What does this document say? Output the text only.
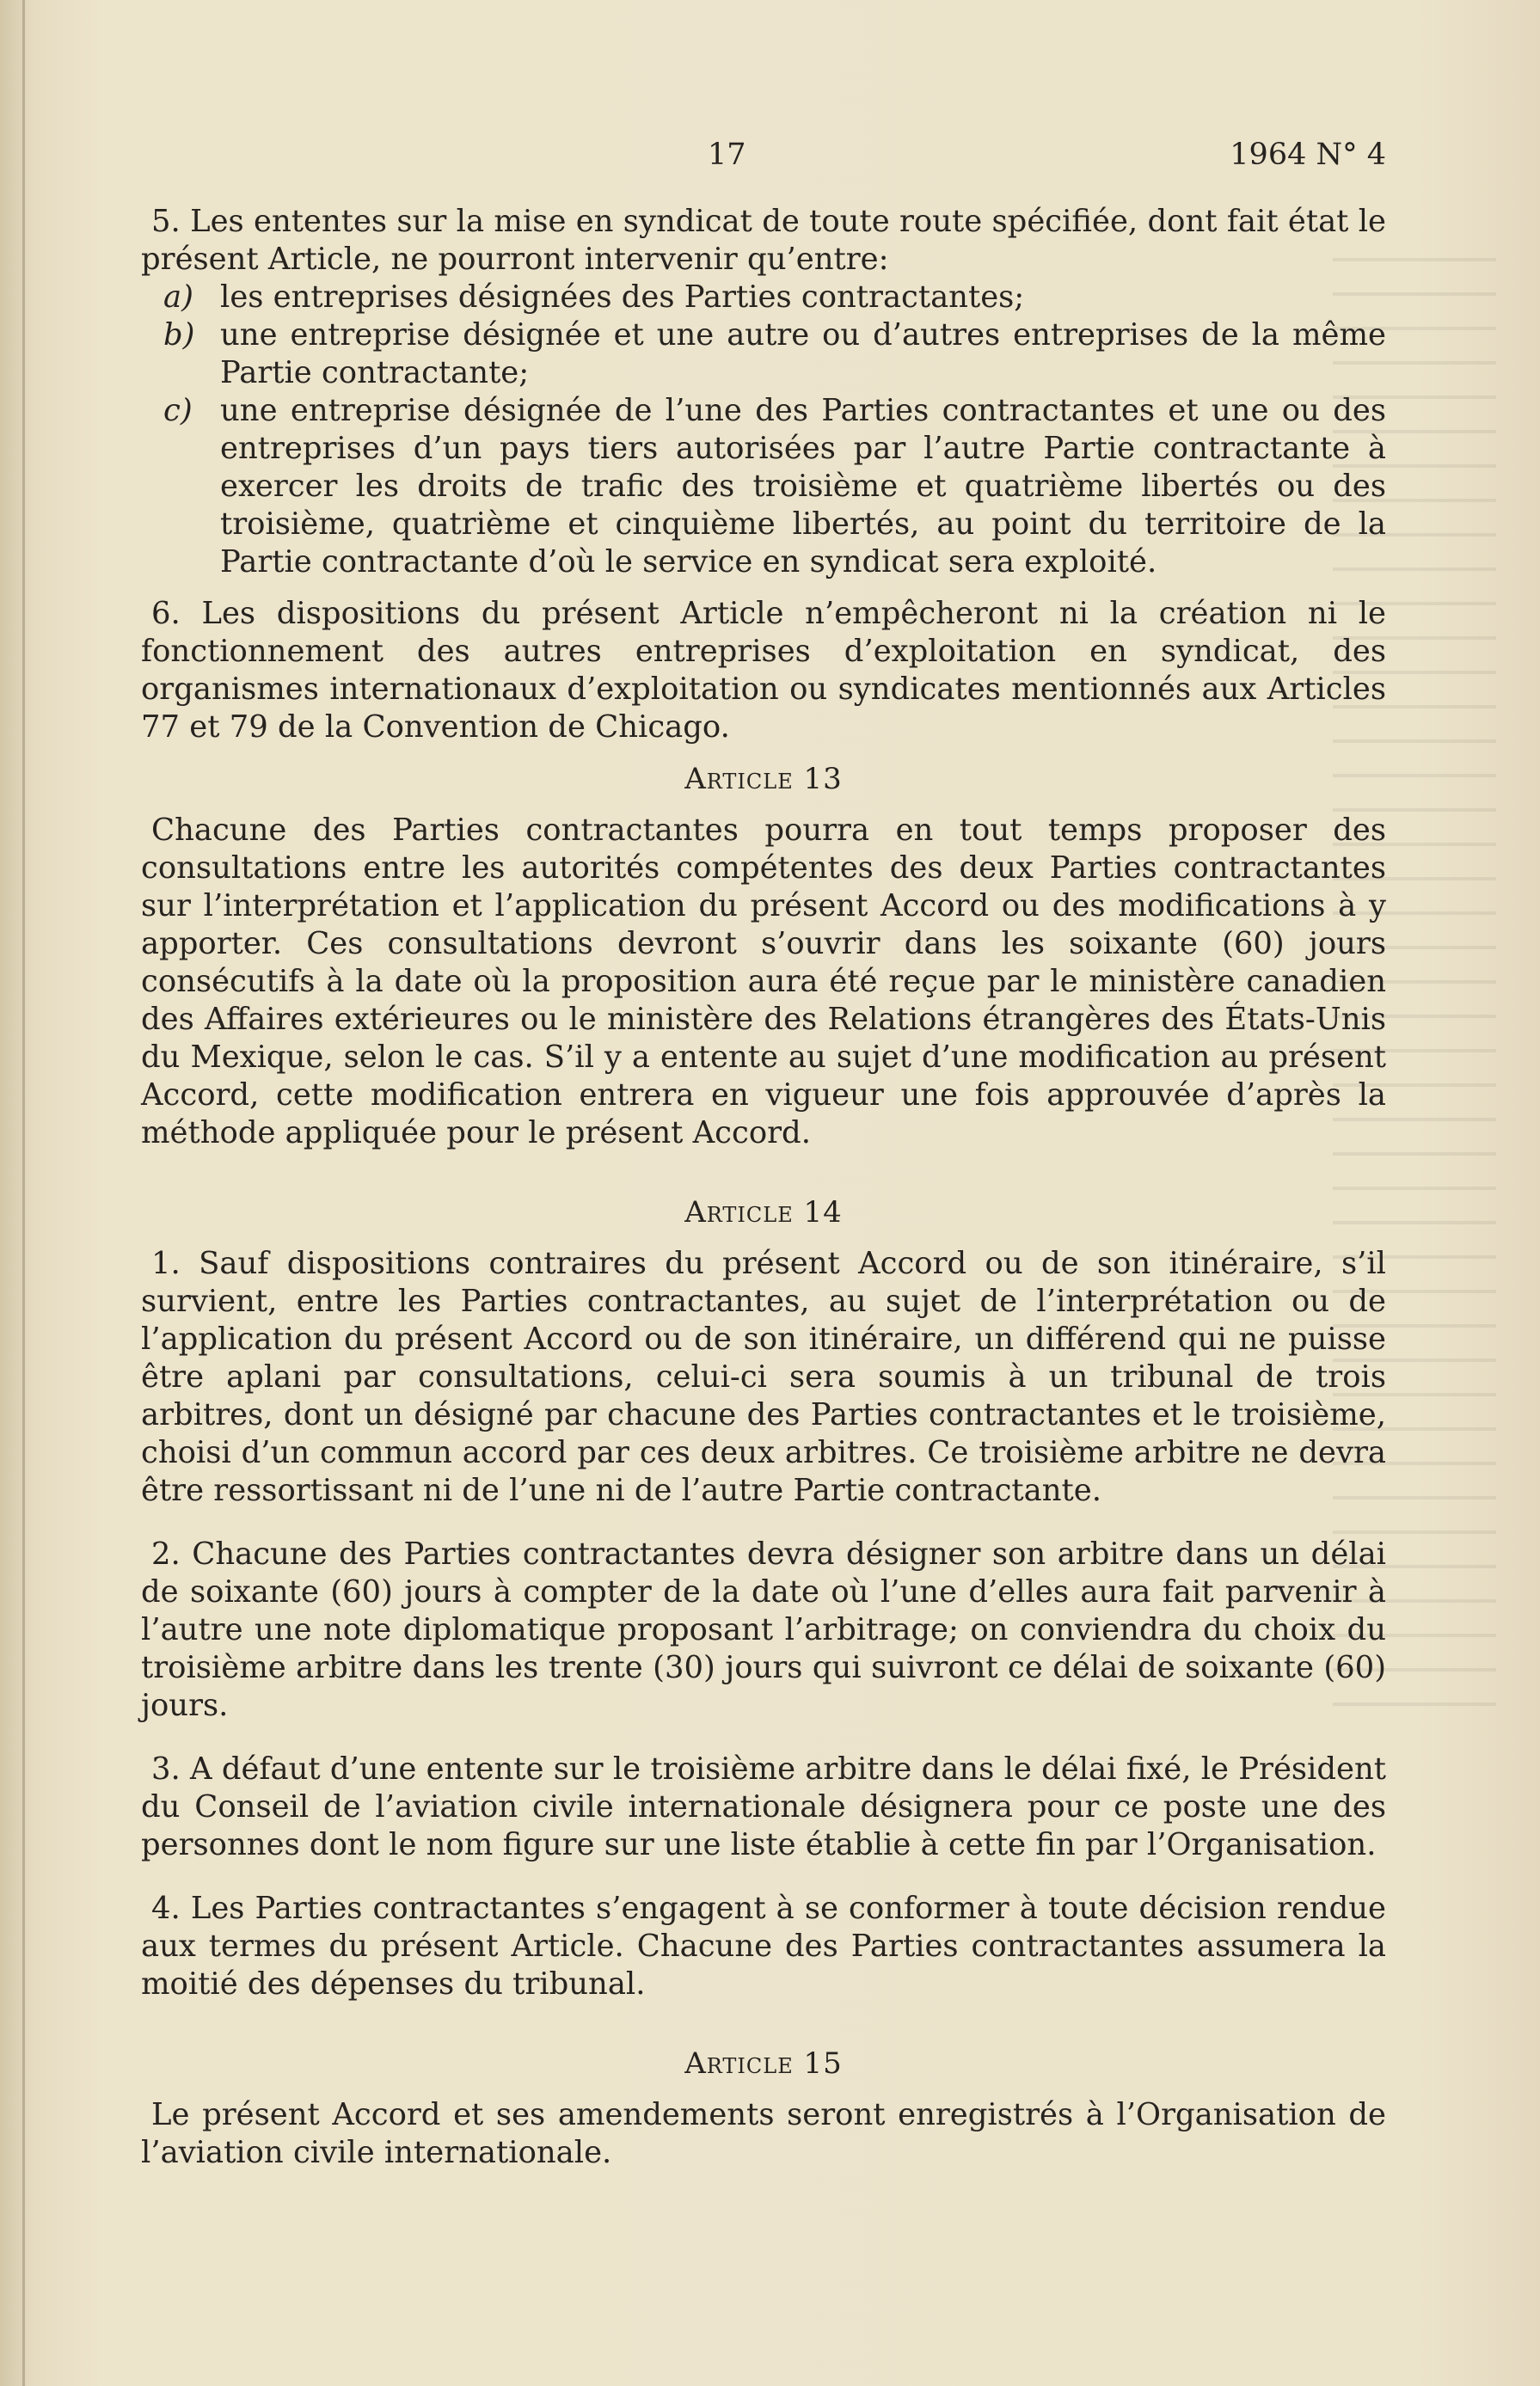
17	1964 N° 4

5. Les ententes sur la mise en syndicat de toute route spécifiée, dont fait état le présent Article, ne pourront intervenir qu’entre:

a) les entreprises désignées des Parties contractantes;
b) une entreprise désignée et une autre ou d’autres entreprises de la même Partie contractante;
c) une entreprise désignée de l’une des Parties contractantes et une ou des entreprises d’un pays tiers autorisées par l’autre Partie contractante à exercer les droits de trafic des troisième et quatrième libertés ou des troisième, quatrième et cinquième libertés, au point du territoire de la Partie contractante d’où le service en syndicat sera exploité.

6. Les dispositions du présent Article n’empêcheront ni la création ni le fonctionnement des autres entreprises d’exploitation en syndicat, des organismes internationaux d’exploitation ou syndicates mentionnés aux Articles 77 et 79 de la Convention de Chicago.

Article 13

Chacune des Parties contractantes pourra en tout temps proposer des consultations entre les autorités compétentes des deux Parties contractantes sur l’interprétation et l’application du présent Accord ou des modifications à y apporter. Ces consultations devront s’ouvrir dans les soixante (60) jours consécutifs à la date où la proposition aura été reçue par le ministère canadien des Affaires extérieures ou le ministère des Relations étrangères des États-Unis du Mexique, selon le cas. S’il y a entente au sujet d’une modification au présent Accord, cette modification entrera en vigueur une fois approuvée d’après la méthode appliquée pour le présent Accord.

Article 14

1. Sauf dispositions contraires du présent Accord ou de son itinéraire, s’il survient, entre les Parties contractantes, au sujet de l’interprétation ou de l’application du présent Accord ou de son itinéraire, un différend qui ne puisse être aplani par consultations, celui-ci sera soumis à un tribunal de trois arbitres, dont un désigné par chacune des Parties contractantes et le troisième, choisi d’un commun accord par ces deux arbitres. Ce troisième arbitre ne devra être ressortissant ni de l’une ni de l’autre Partie contractante.

2. Chacune des Parties contractantes devra désigner son arbitre dans un délai de soixante (60) jours à compter de la date où l’une d’elles aura fait parvenir à l’autre une note diplomatique proposant l’arbitrage; on conviendra du choix du troisième arbitre dans les trente (30) jours qui suivront ce délai de soixante (60) jours.

3. A défaut d’une entente sur le troisième arbitre dans le délai fixé, le Président du Conseil de l’aviation civile internationale désignera pour ce poste une des personnes dont le nom figure sur une liste établie à cette fin par l’Organisation.

4. Les Parties contractantes s’engagent à se conformer à toute décision rendue aux termes du présent Article. Chacune des Parties contractantes assumera la moitié des dépenses du tribunal.

Article 15

Le présent Accord et ses amendements seront enregistrés à l’Organisation de l’aviation civile internationale.
